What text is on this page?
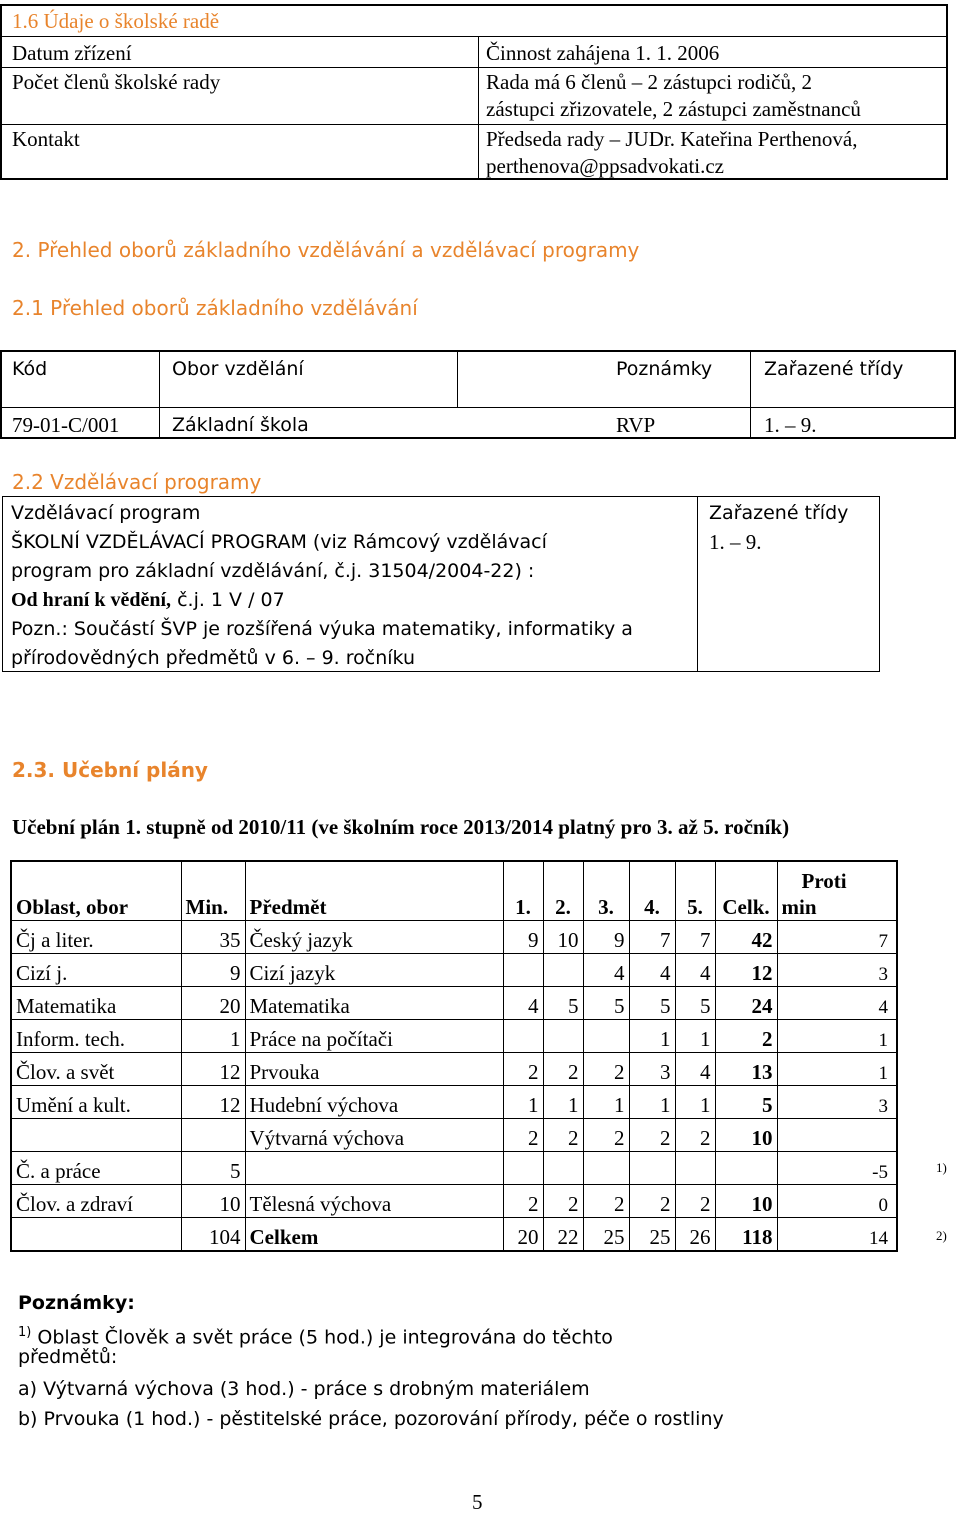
1.6 Údaje o školské radě
Datum zřízení	Činnost zahájena 1. 1. 2006
Počet členů školské rady	Rada má 6 členů – 2 zástupci rodičů, 2
zástupci zřizovatele, 2 zástupci zaměstnanců
Kontakt	Předseda rady – JUDr. Kateřina Perthenová,
perthenova@ppsadvokati.cz
2. Přehled oborů základního vzdělávání a vzdělávací programy
2.1 Přehled oborů základního vzdělávání
Kód	Obor vzdělání	Poznámky	Zařazené třídy
79-01-C/001	Základní škola	RVP	1. – 9.
2.2 Vzdělávací programy
Vzdělávací program	Zařazené třídy
ŠKOLNÍ VZDĚLÁVACÍ PROGRAM (viz Rámcový vzdělávací
program pro základní vzdělávání, č.j. 31504/2004-22) :
Od hraní k vědění, č.j. 1 V / 07
Pozn.: Součástí ŠVP je rozšířená výuka matematiky, informatiky a
přírodovědných předmětů v 6. – 9. ročníku
1. – 9.
2.3. Učební plány
Učební plán 1. stupně od 2010/11 (ve školním roce 2013/2014 platný pro 3. až 5. ročník)
Oblast, obor	Min.	Předmět	1.	2.	3.	4.	5.	Celk.	Proti
min

Čj a liter.	35	Český jazyk	9	10	9	7	7	42	7
Cizí j.	9	Cizí jazyk			4	4	4	12	3
Matematika	20	Matematika	4	5	5	5	5	24	4
Inform. tech.	1	Práce na počítači				1	1	2	1
Člov. a svět	12	Prvouka	2	2	2	3	4	13	1
Umění a kult.	12	Hudební výchova	1	1	1	1	1	5	3
		Výtvarná výchova	2	2	2	2	2	10	
Č. a práce	5								-5
Člov. a zdraví	10	Tělesná výchova	2	2	2	2	2	10	0
	104	Celkem	20	22	25	25	26	118	14
1)
2)
Poznámky:
$^{1)}$ Oblast Člověk a svět práce (5 hod.) je integrována do těchto
předmětů:
a) Výtvarná výchova (3 hod.) - práce s drobným materiálem
b) Prvouka (1 hod.) - pěstitelské práce, pozorování přírody, péče o rostliny
5
